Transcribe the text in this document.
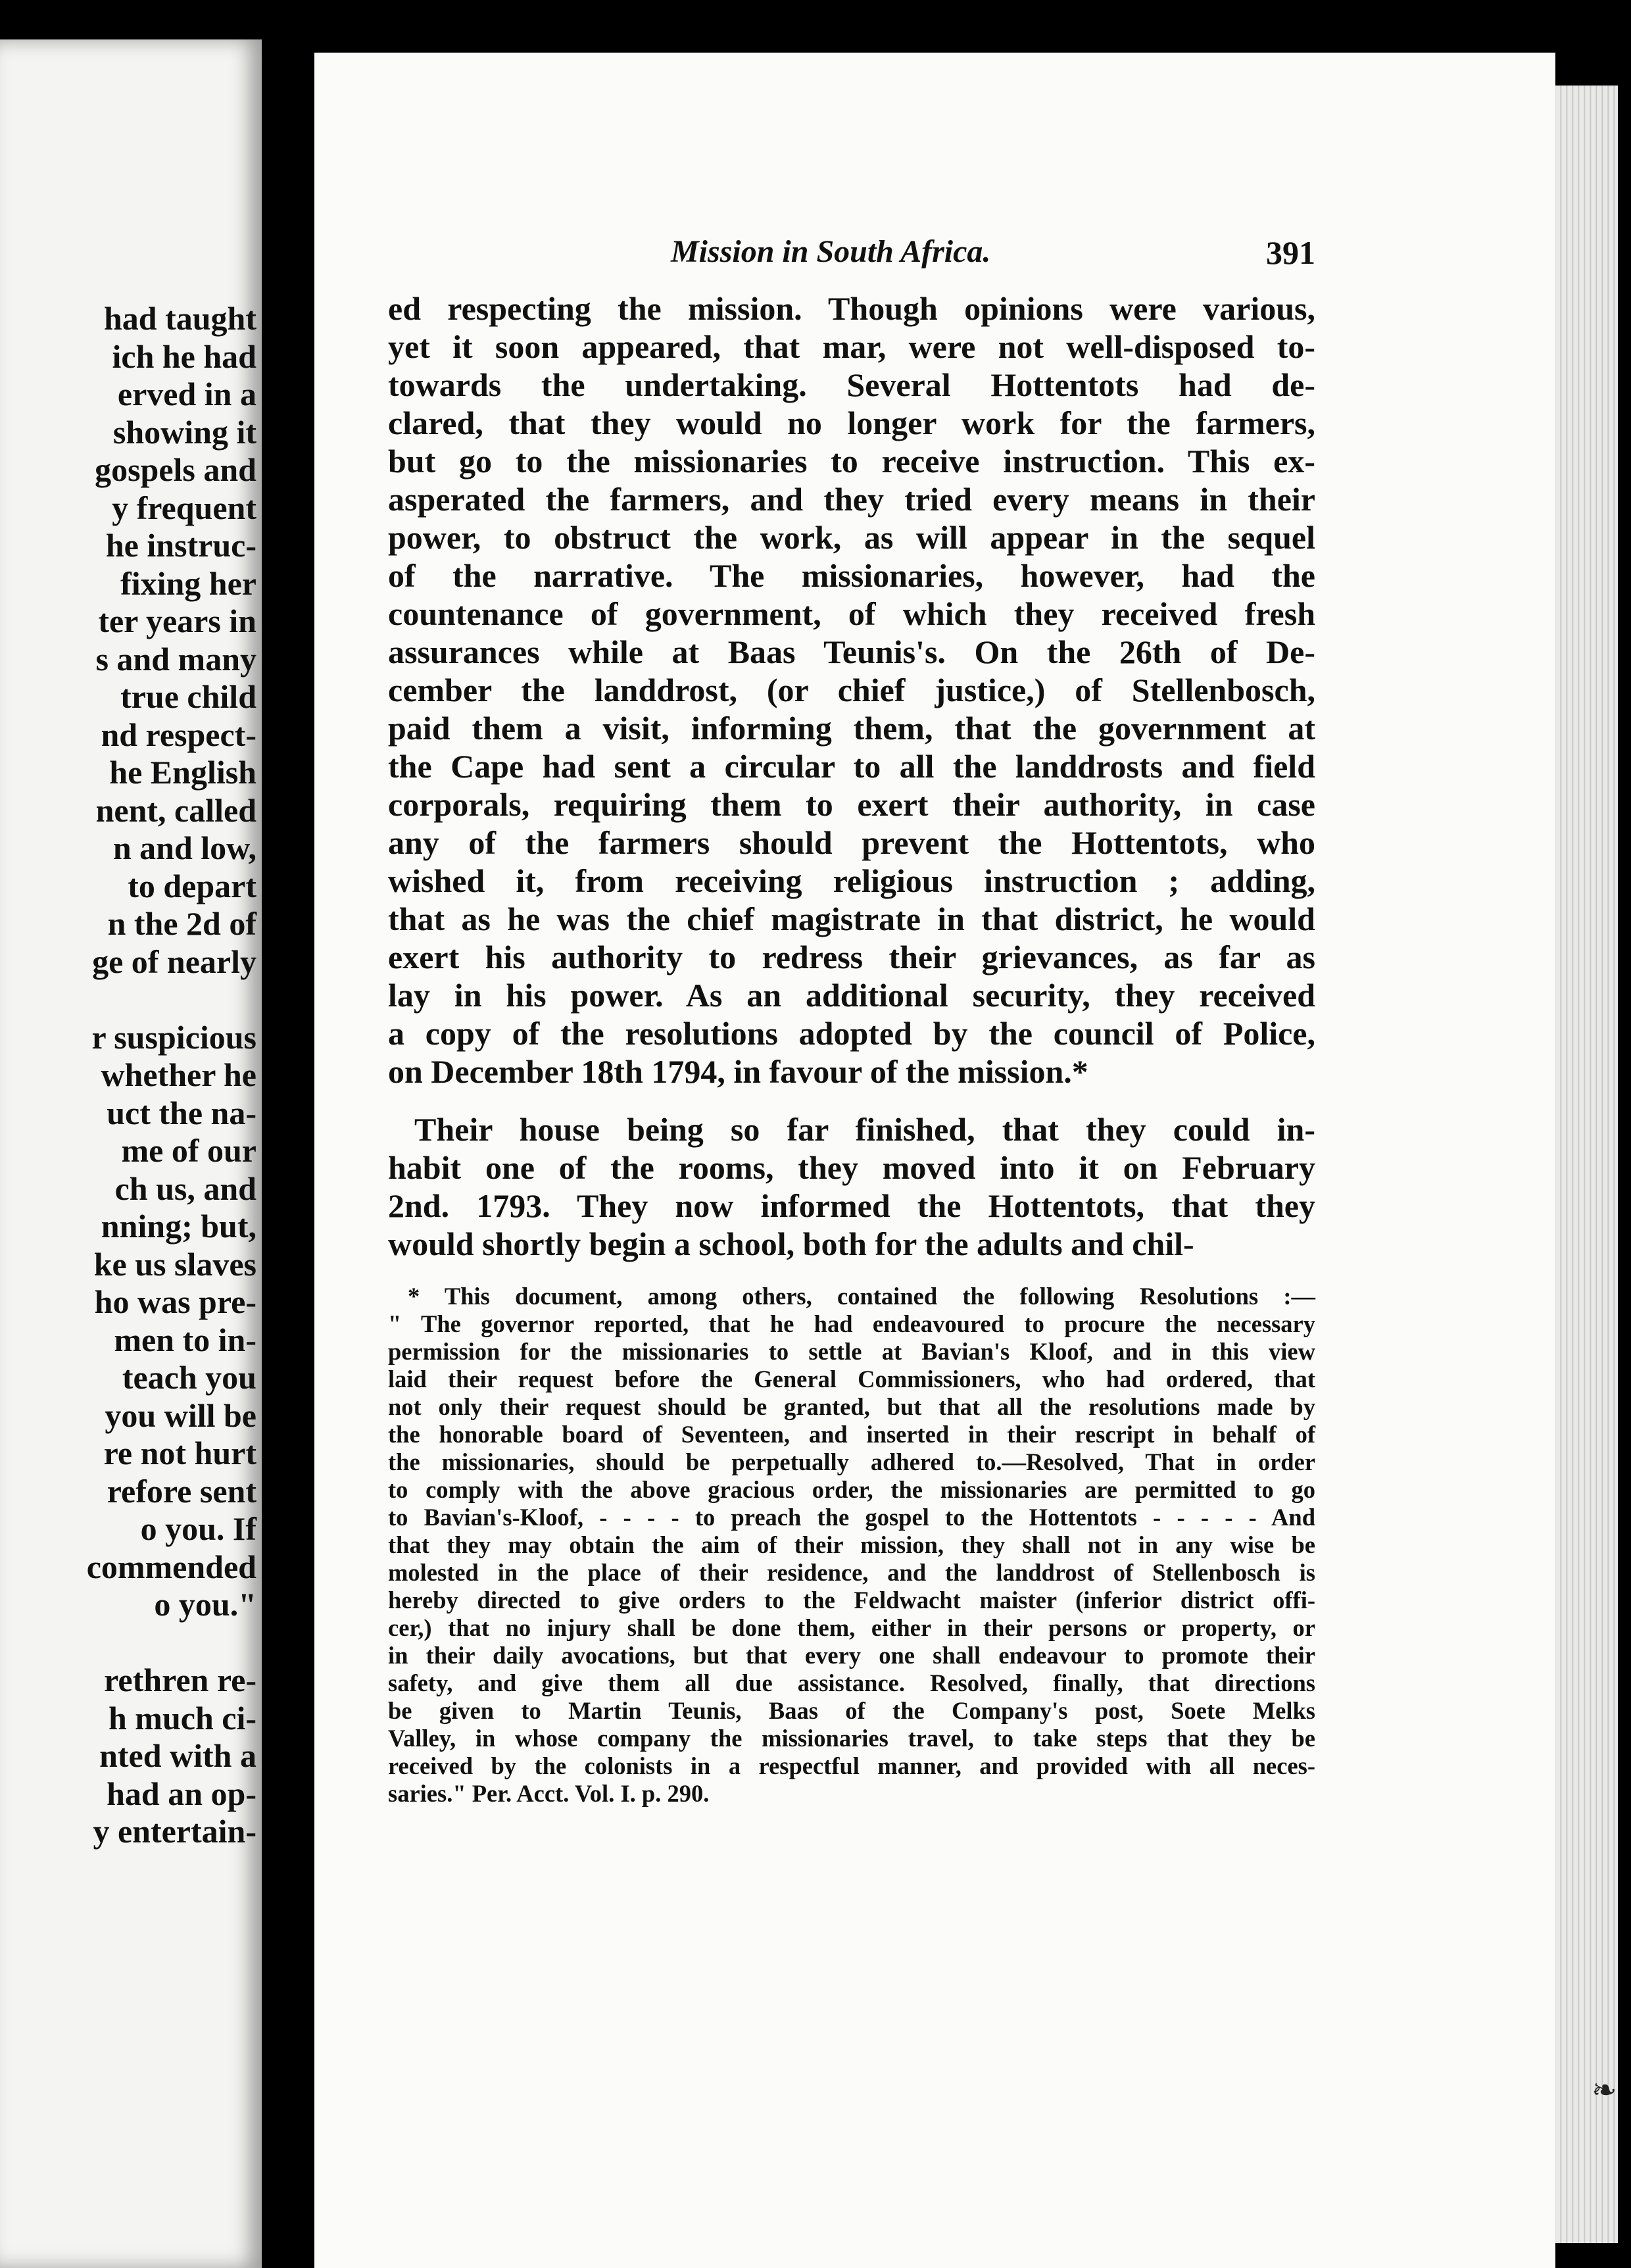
had taught
ich he had
erved in a
showing it
gospels and
y frequent
he instruc-
fixing her
ter years in
s and many
true child
nd respect-
he English
nent, called
n and low,
to depart
n the 2d of
ge of nearly
r suspicious
whether he
uct the na-
me of our
ch us, and
nning; but,
ke us slaves
ho was pre-
men to in-
teach you
you will be
re not hurt
refore sent
o you. If
commended
o you."
rethren re-
h much ci-
nted with a
had an op-
y entertain-
Mission in South Africa.	391
ed respecting the mission. Though opinions were various,
yet it soon appeared, that mar, were not well-disposed to-
towards the undertaking. Several Hottentots had de-
clared, that they would no longer work for the farmers,
but go to the missionaries to receive instruction. This ex-
asperated the farmers, and they tried every means in their
power, to obstruct the work, as will appear in the sequel
of the narrative. The missionaries, however, had the
countenance of government, of which they received fresh
assurances while at Baas Teunis's. On the 26th of De-
cember the landdrost, (or chief justice,) of Stellenbosch,
paid them a visit, informing them, that the government at
the Cape had sent a circular to all the landdrosts and field
corporals, requiring them to exert their authority, in case
any of the farmers should prevent the Hottentots, who
wished it, from receiving religious instruction ; adding,
that as he was the chief magistrate in that district, he would
exert his authority to redress their grievances, as far as
lay in his power. As an additional security, they received
a copy of the resolutions adopted by the council of Police,
on December 18th 1794, in favour of the mission.*
Their house being so far finished, that they could in-
habit one of the rooms, they moved into it on February
2nd. 1793. They now informed the Hottentots, that they
would shortly begin a school, both for the adults and chil-
* This document, among others, contained the following Resolutions :—
" The governor reported, that he had endeavoured to procure the necessary
permission for the missionaries to settle at Bavian's Kloof, and in this view
laid their request before the General Commissioners, who had ordered, that
not only their request should be granted, but that all the resolutions made by
the honorable board of Seventeen, and inserted in their rescript in behalf of
the missionaries, should be perpetually adhered to.—Resolved, That in order
to comply with the above gracious order, the missionaries are permitted to go
to Bavian's-Kloof, - - - - to preach the gospel to the Hottentots - - - - - And
that they may obtain the aim of their mission, they shall not in any wise be
molested in the place of their residence, and the landdrost of Stellenbosch is
hereby directed to give orders to the Feldwacht maister (inferior district offi-
cer,) that no injury shall be done them, either in their persons or property, or
in their daily avocations, but that every one shall endeavour to promote their
safety, and give them all due assistance. Resolved, finally, that directions
be given to Martin Teunis, Baas of the Company's post, Soete Melks
Valley, in whose company the missionaries travel, to take steps that they be
received by the colonists in a respectful manner, and provided with all neces-
saries." Per. Acct. Vol. I. p. 290.
❧
